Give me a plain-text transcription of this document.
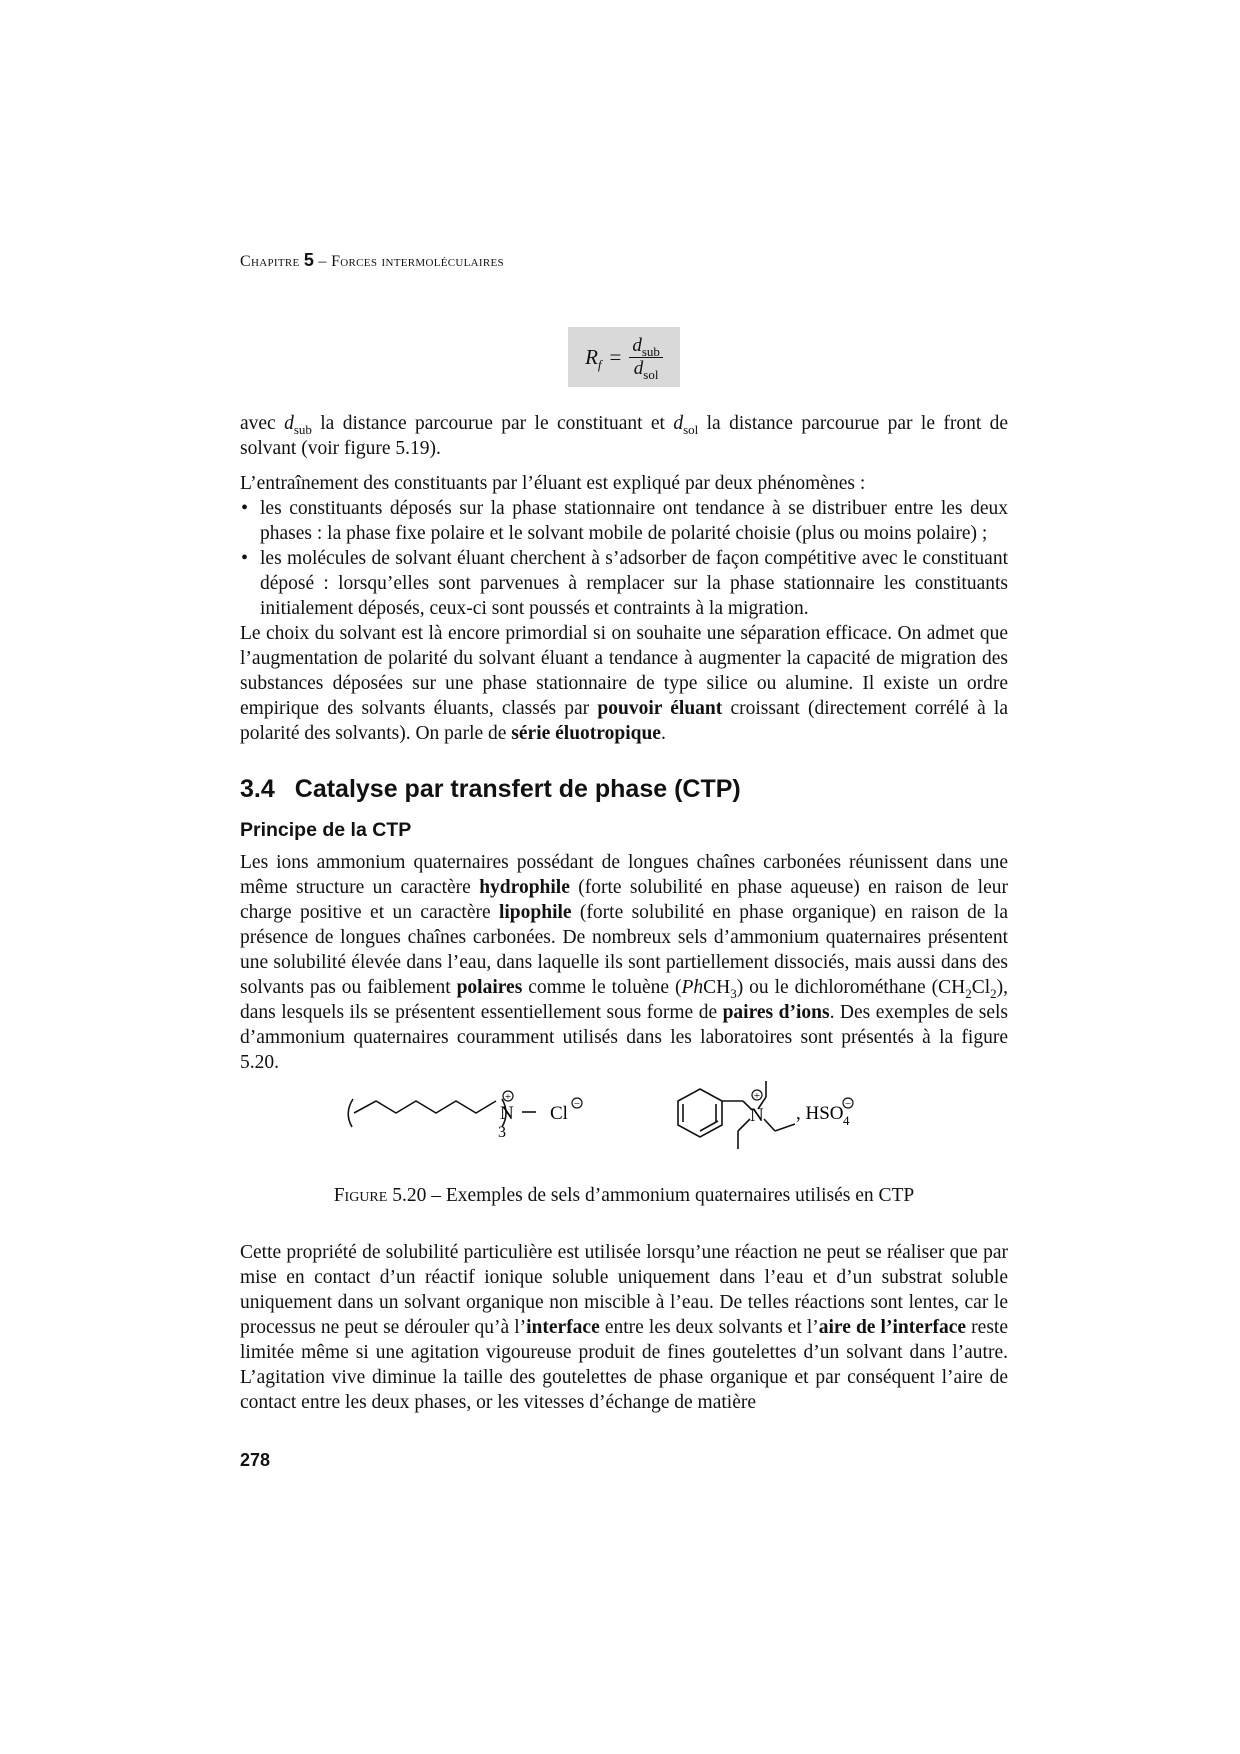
Chapitre 5 – Forces intermoléculaires
$R_f = \frac{d_{sub}}{d_{sol}}$

avec $d_{sub}$ la distance parcourue par le constituant et $d_{sol}$ la distance parcourue par le front de solvant (voir figure 5.19).

L’entraînement des constituants par l’éluant est expliqué par deux phénomènes :

• les constituants déposés sur la phase stationnaire ont tendance à se distribuer entre les deux phases : la phase fixe polaire et le solvant mobile de polarité choisie (plus ou moins polaire) ;
• les molécules de solvant éluant cherchent à s’adsorber de façon compétitive avec le constituant déposé : lorsqu’elles sont parvenues à remplacer sur la phase stationnaire les constituants initialement déposés, ceux-ci sont poussés et contraints à la migration.

Le choix du solvant est là encore primordial si on souhaite une séparation efficace. On admet que l’augmentation de polarité du solvant éluant a tendance à augmenter la capacité de migration des substances déposées sur une phase stationnaire de type silice ou alumine. Il existe un ordre empirique des solvants éluants, classés par pouvoir éluant croissant (directement corrélé à la polarité des solvants). On parle de série éluotropique.

3.4 Catalyse par transfert de phase (CTP)
Principe de la CTP

Les ions ammonium quaternaires possédant de longues chaînes carbonées réunissent dans une même structure un caractère hydrophile (forte solubilité en phase aqueuse) en raison de leur charge positive et un caractère lipophile (forte solubilité en phase organique) en raison de la présence de longues chaînes carbonées. De nombreux sels d’ammonium quaternaires présentent une solubilité élevée dans l’eau, dans laquelle ils sont partiellement dissociés, mais aussi dans des solvants pas ou faiblement polaires comme le toluène (PhCH$_3$) ou le dichlorométhane $(CH_2Cl_2)$, dans lesquels ils se présentent essentiellement sous forme de paires d’ions. Des exemples de sels d’ammonium quaternaires couramment utilisés dans les laboratoires sont présentés à la figure 5.20.

+
N
3
Cl −
+
N , HSO 4
−
Figure 5.20 – Exemples de sels d’ammonium quaternaires utilisés en CTP

Cette propriété de solubilité particulière est utilisée lorsqu’une réaction ne peut se réaliser que par mise en contact d’un réactif ionique soluble uniquement dans l’eau et d’un substrat soluble uniquement dans un solvant organique non miscible à l’eau. De telles réactions sont lentes, car le processus ne peut se dérouler qu’à l’interface entre les deux solvants et l’aire de l’interface reste limitée même si une agitation vigoureuse produit de fines goutelettes d’un solvant dans l’autre. L’agitation vive diminue la taille des goutelettes de phase organique et par conséquent l’aire de contact entre les deux phases, or les vitesses d’échange de matière

278
